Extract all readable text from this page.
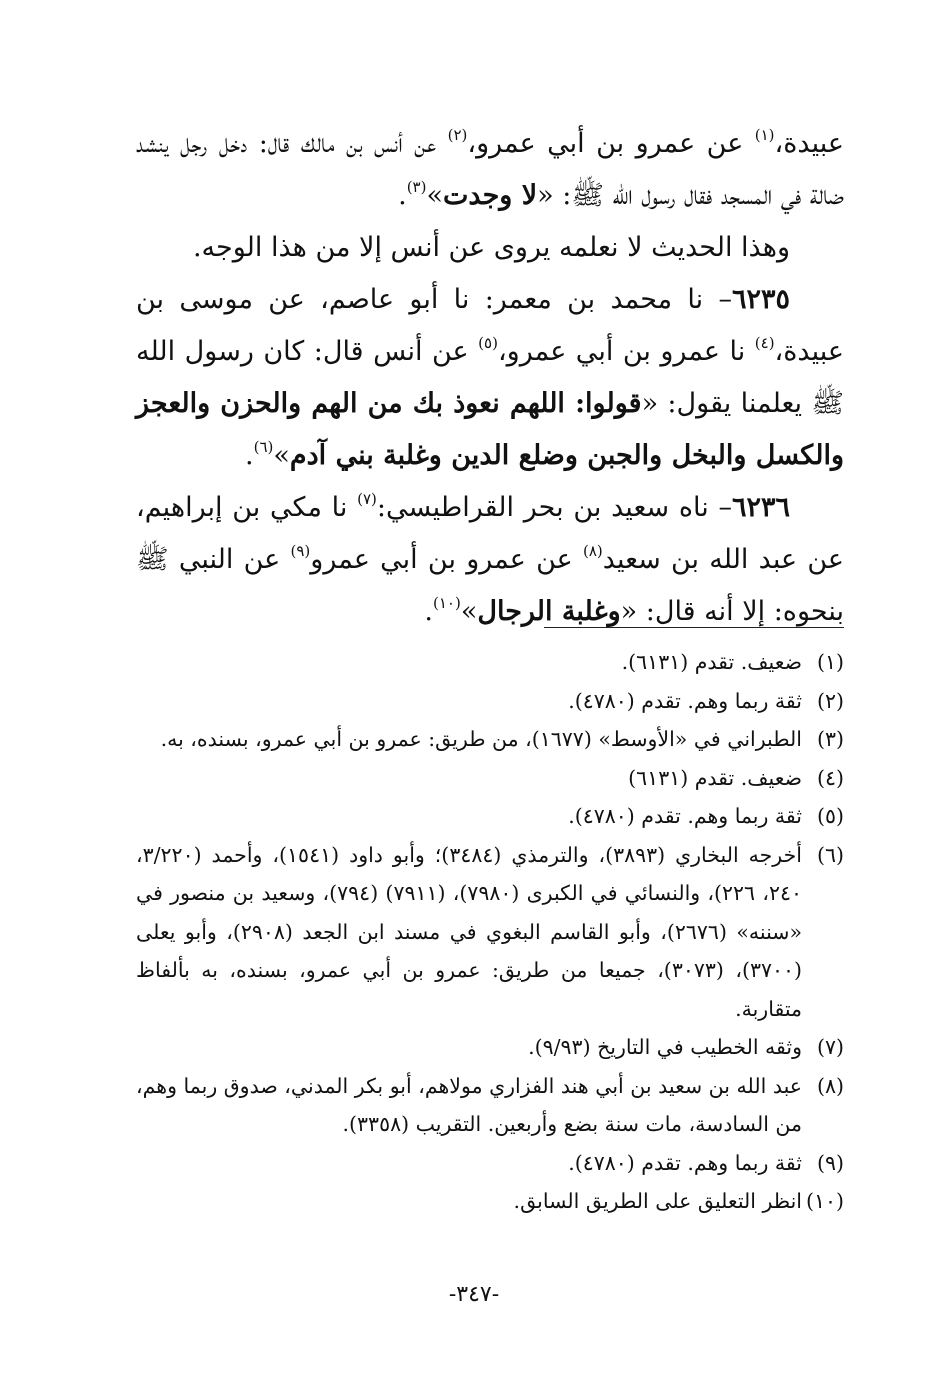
عبيدة،$^{(١)}$ عن عمرو بن أبي عمرو،$^{(٢)}$ عن أنس بن مالك قال: دخل رجل ينشد ضالة في المسجد فقال رسول الله ﷺ: «لا وجدت»$^{(٣)}$.

وهذا الحديث لا نعلمه يروى عن أنس إلا من هذا الوجه.

٦٢٣٥– نا محمد بن معمر: نا أبو عاصم، عن موسى بن عبيدة،$^{(٤)}$ نا عمرو بن أبي عمرو،$^{(٥)}$ عن أنس قال: كان رسول الله ﷺ يعلمنا يقول: «قولوا: اللهم نعوذ بك من الهم والحزن والعجز والكسل والبخل والجبن وضلع الدين وغلبة بني آدم»$^{(٦)}$.

٦٢٣٦– ناه سعيد بن بحر القراطيسي:$^{(٧)}$ نا مكي بن إبراهيم، عن عبد الله بن سعيد$^{(٨)}$ عن عمرو بن أبي عمرو$^{(٩)}$ عن النبي ﷺ بنحوه: إلا أنه قال: «وغلبة الرجال»$^{(١٠)}$.

(١)
ضعيف. تقدم (٦١٣١).

(٢)
ثقة ربما وهم. تقدم (٤٧٨٠).

(٣)
الطبراني في «الأوسط» (١٦٧٧)، من طريق: عمرو بن أبي عمرو، بسنده، به.

(٤)
ضعيف. تقدم (٦١٣١)

(٥)
ثقة ربما وهم. تقدم (٤٧٨٠).

(٦)
أخرجه البخاري (٣٨٩٣)، والترمذي (٣٤٨٤)؛ وأبو داود (١٥٤١)، وأحمد (٣/٢٢٠، ٢٤٠، ٢٢٦)، والنسائي في الكبرى (٧٩٨٠)، (٧٩١١) (٧٩٤)، وسعيد بن منصور في «سننه» (٢٦٧٦)، وأبو القاسم البغوي في مسند ابن الجعد (٢٩٠٨)، وأبو يعلى (٣٧٠٠)، (٣٠٧٣)، جميعا من طريق: عمرو بن أبي عمرو، بسنده، به بألفاظ متقاربة.

(٧)
وثقه الخطيب في التاريخ (٩/٩٣).

(٨)
عبد الله بن سعيد بن أبي هند الفزاري مولاهم، أبو بكر المدني، صدوق ربما وهم، من السادسة، مات سنة بضع وأربعين. التقريب (٣٣٥٨).

(٩)
ثقة ربما وهم. تقدم (٤٧٨٠).

(١٠)
انظر التعليق على الطريق السابق.

-٣٤٧-
